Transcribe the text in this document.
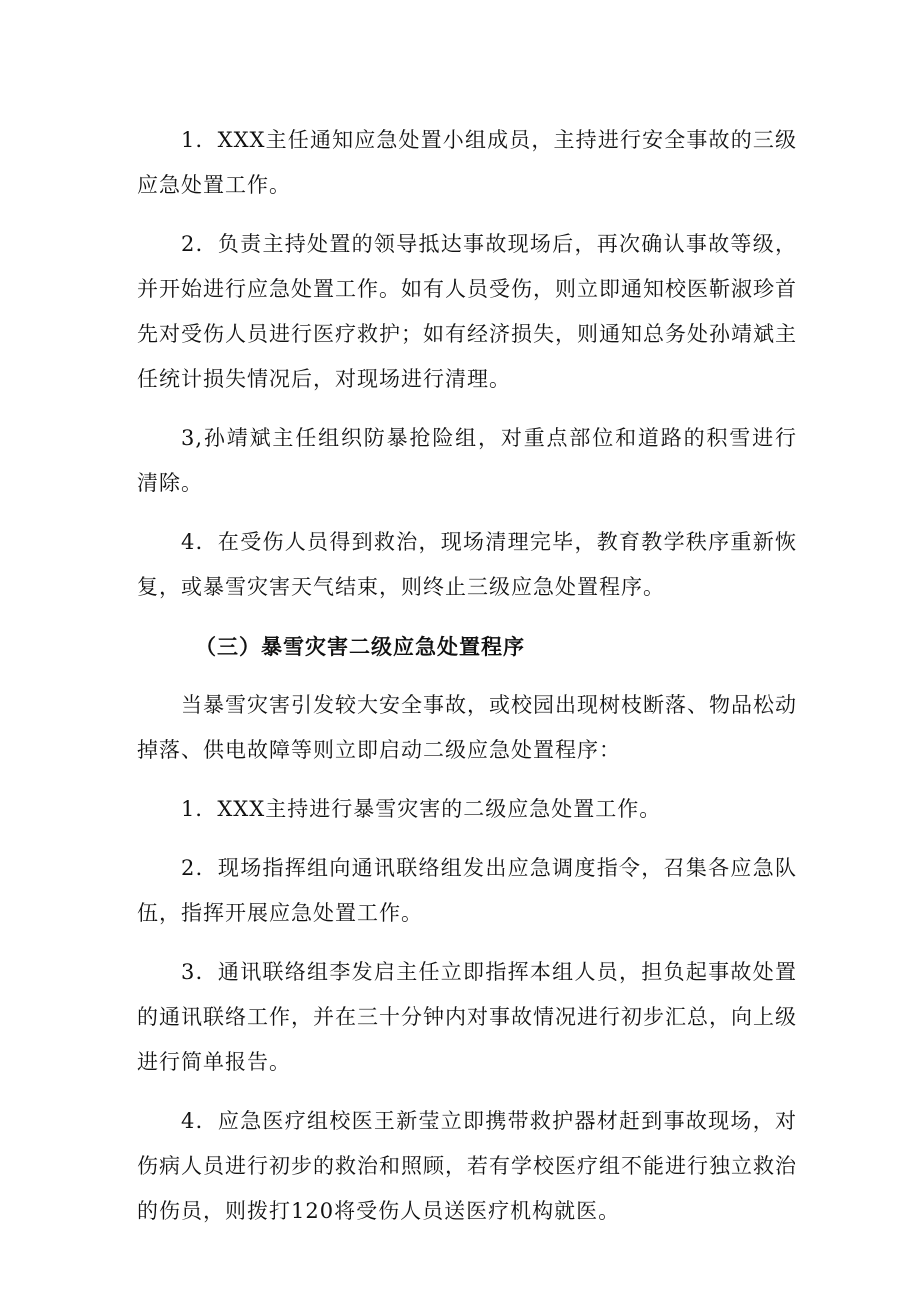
1．XXX主任通知应急处置小组成员，主持进行安全事故的三级应急处置工作。

2．负责主持处置的领导抵达事故现场后，再次确认事故等级，并开始进行应急处置工作。如有人员受伤，则立即通知校医靳淑珍首先对受伤人员进行医疗救护；如有经济损失，则通知总务处孙靖斌主任统计损失情况后，对现场进行清理。

3,孙靖斌主任组织防暴抢险组，对重点部位和道路的积雪进行清除。

4．在受伤人员得到救治，现场清理完毕，教育教学秩序重新恢复，或暴雪灾害天气结束，则终止三级应急处置程序。

（三）暴雪灾害二级应急处置程序

当暴雪灾害引发较大安全事故，或校园出现树枝断落、物品松动掉落、供电故障等则立即启动二级应急处置程序：

1．XXX主持进行暴雪灾害的二级应急处置工作。

2．现场指挥组向通讯联络组发出应急调度指令，召集各应急队伍，指挥开展应急处置工作。

3．通讯联络组李发启主任立即指挥本组人员，担负起事故处置的通讯联络工作，并在三十分钟内对事故情况进行初步汇总，向上级进行简单报告。

4．应急医疗组校医王新莹立即携带救护器材赶到事故现场，对伤病人员进行初步的救治和照顾，若有学校医疗组不能进行独立救治的伤员，则拨打120将受伤人员送医疗机构就医。
